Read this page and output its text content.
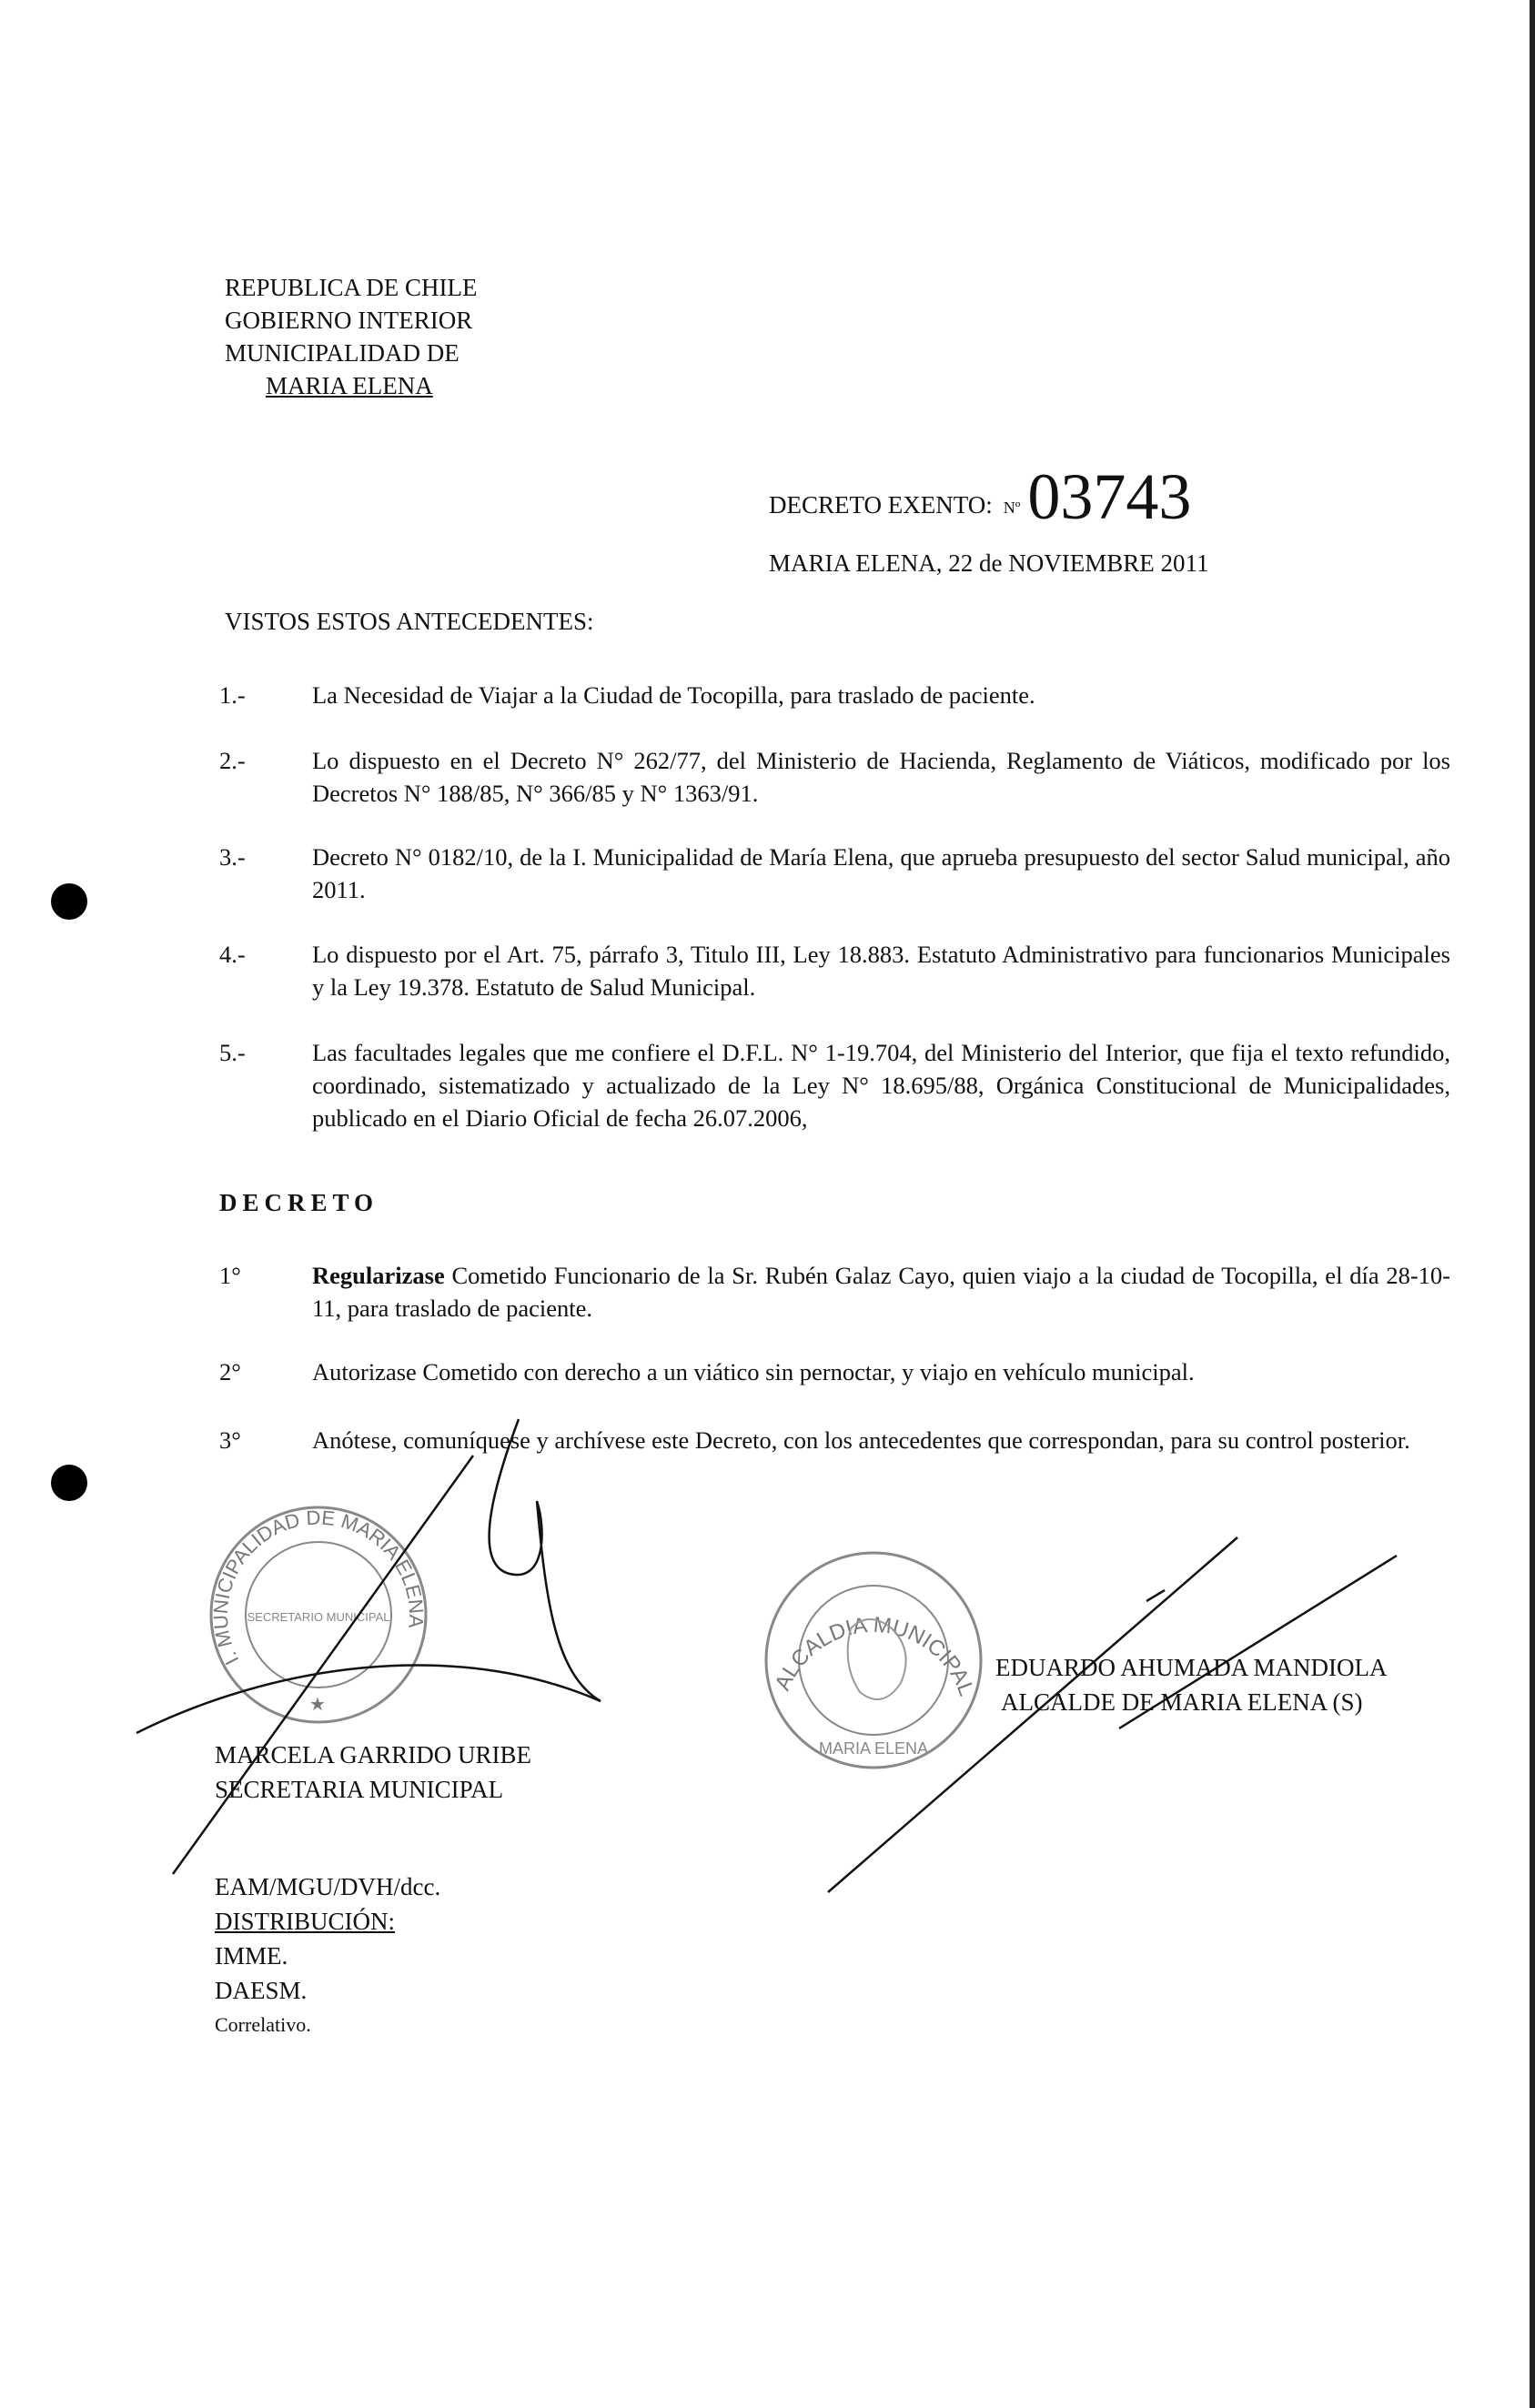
REPUBLICA DE CHILE
GOBIERNO INTERIOR
MUNICIPALIDAD DE
MARIA ELENA
DECRETO EXENTO: Nº 03743
MARIA ELENA, 22 de NOVIEMBRE 2011
VISTOS ESTOS ANTECEDENTES:
1.-	La Necesidad de Viajar a la Ciudad de Tocopilla, para traslado de paciente.
2.-	Lo dispuesto en el Decreto N° 262/77, del Ministerio de Hacienda, Reglamento de Viáticos, modificado por los Decretos N° 188/85, N° 366/85 y N° 1363/91.
3.-	Decreto N° 0182/10, de la I. Municipalidad de María Elena, que aprueba presupuesto del sector Salud municipal, año 2011.
4.-	Lo dispuesto por el Art. 75, párrafo 3, Titulo III, Ley 18.883. Estatuto Administrativo para funcionarios Municipales y la Ley 19.378. Estatuto de Salud Municipal.
5.-	Las facultades legales que me confiere el D.F.L. N° 1-19.704, del Ministerio del Interior, que fija el texto refundido, coordinado, sistematizado y actualizado de la Ley N° 18.695/88, Orgánica Constitucional de Municipalidades, publicado en el Diario Oficial de fecha 26.07.2006,
DECRETO
1°	Regularizase Cometido Funcionario de la Sr. Rubén Galaz Cayo, quien viajo a la ciudad de Tocopilla, el día 28-10-11, para traslado de paciente.
2°	Autorizase Cometido con derecho a un viático sin pernoctar, y viajo en vehículo municipal.
3°	Anótese, comuníquese y archívese este Decreto, con los antecedentes que correspondan, para su control posterior.
I. MUNICIPALIDAD DE MARIA ELENA
SECRETARIO MUNICIPAL
★
ALCALDIA MUNICIPAL
MARIA ELENA
MARCELA GARRIDO URIBE
SECRETARIA MUNICIPAL
EDUARDO AHUMADA MANDIOLA
ALCALDE DE MARIA ELENA (S)
EAM/MGU/DVH/dcc.
DISTRIBUCIÓN:
IMME.
DAESM.
Correlativo.
